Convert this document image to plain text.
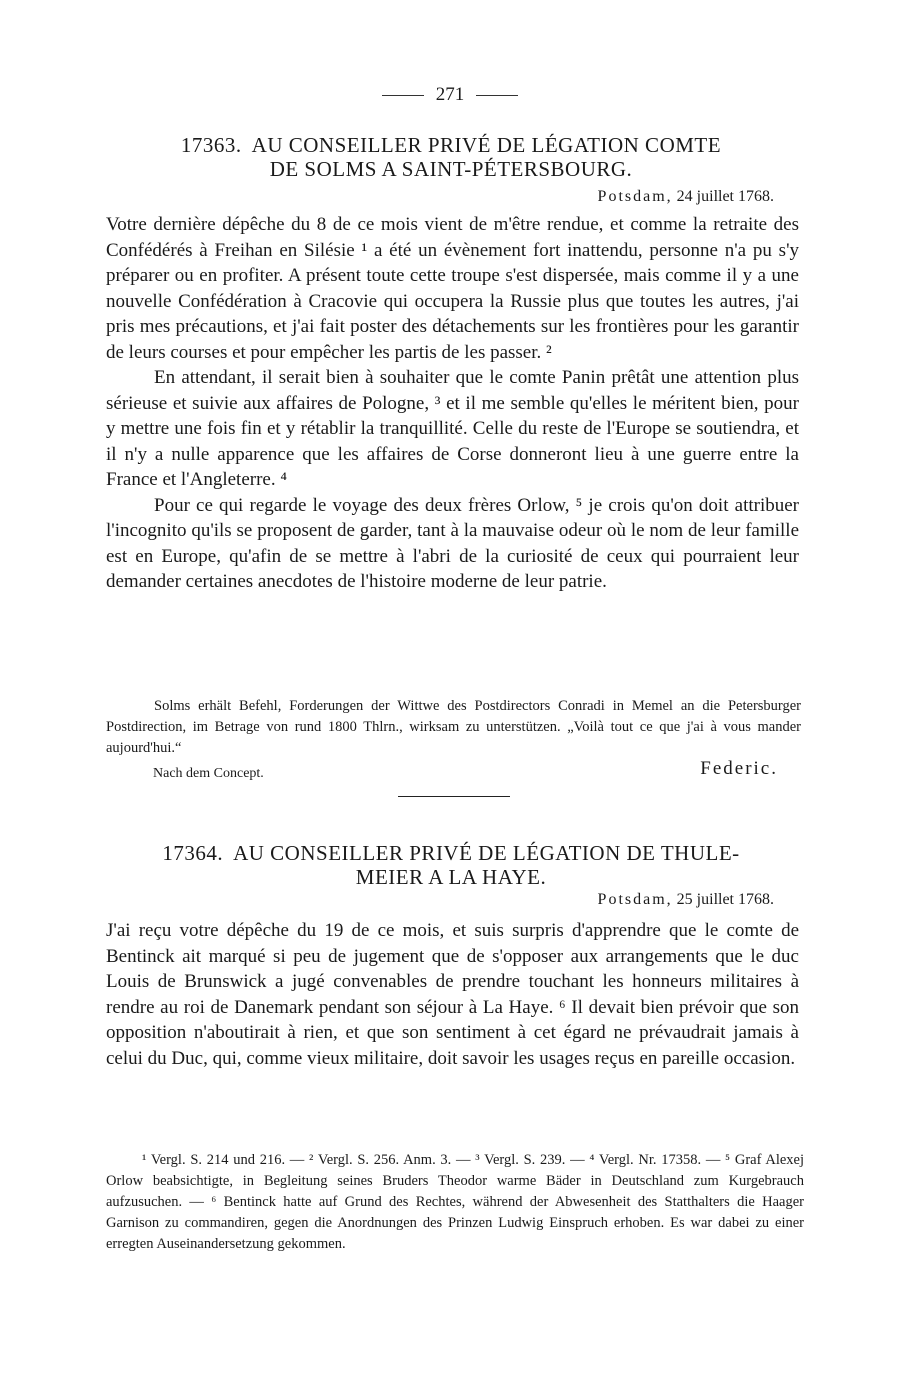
271
17363. AU CONSEILLER PRIVÉ DE LÉGATION COMTE
DE SOLMS A SAINT-PÉTERSBOURG.
Potsdam, 24 juillet 1768.

Votre dernière dépêche du 8 de ce mois vient de m'être rendue, et comme la retraite des Confédérés à Freihan en Silésie ¹ a été un évènement fort inattendu, personne n'a pu s'y préparer ou en profiter. A présent toute cette troupe s'est dispersée, mais comme il y a une nouvelle Confédération à Cracovie qui occupera la Russie plus que toutes les autres, j'ai pris mes précautions, et j'ai fait poster des détachements sur les frontières pour les garantir de leurs courses et pour empêcher les partis de les passer. ²

En attendant, il serait bien à souhaiter que le comte Panin prêtât une attention plus sérieuse et suivie aux affaires de Pologne, ³ et il me semble qu'elles le méritent bien, pour y mettre une fois fin et y rétablir la tranquillité. Celle du reste de l'Europe se soutiendra, et il n'y a nulle apparence que les affaires de Corse donneront lieu à une guerre entre la France et l'Angleterre. ⁴

Pour ce qui regarde le voyage des deux frères Orlow, ⁵ je crois qu'on doit attribuer l'incognito qu'ils se proposent de garder, tant à la mauvaise odeur où le nom de leur famille est en Europe, qu'afin de se mettre à l'abri de la curiosité de ceux qui pourraient leur demander certaines anecdotes de l'histoire moderne de leur patrie.

Solms erhält Befehl, Forderungen der Wittwe des Postdirectors Conradi in Memel an die Petersburger Postdirection, im Betrage von rund 1800 Thlrn., wirksam zu unterstützen. „Voilà tout ce que j'ai à vous mander aujourd'hui.“

Nach dem Concept.	Federic.
17364. AU CONSEILLER PRIVÉ DE LÉGATION DE THULE-
MEIER A LA HAYE.
Potsdam, 25 juillet 1768.

J'ai reçu votre dépêche du 19 de ce mois, et suis surpris d'apprendre que le comte de Bentinck ait marqué si peu de jugement que de s'opposer aux arrangements que le duc Louis de Brunswick a jugé convenables de prendre touchant les honneurs militaires à rendre au roi de Danemark pendant son séjour à La Haye. ⁶ Il devait bien prévoir que son opposition n'aboutirait à rien, et que son sentiment à cet égard ne prévaudrait jamais à celui du Duc, qui, comme vieux militaire, doit savoir les usages reçus en pareille occasion.

¹ Vergl. S. 214 und 216. — ² Vergl. S. 256. Anm. 3. — ³ Vergl. S. 239. — ⁴ Vergl. Nr. 17358. — ⁵ Graf Alexej Orlow beabsichtigte, in Begleitung seines Bruders Theodor warme Bäder in Deutschland zum Kurgebrauch aufzusuchen. — ⁶ Bentinck hatte auf Grund des Rechtes, während der Abwesenheit des Statthalters die Haager Garnison zu commandiren, gegen die Anordnungen des Prinzen Ludwig Einspruch erhoben. Es war dabei zu einer erregten Auseinandersetzung gekommen.
